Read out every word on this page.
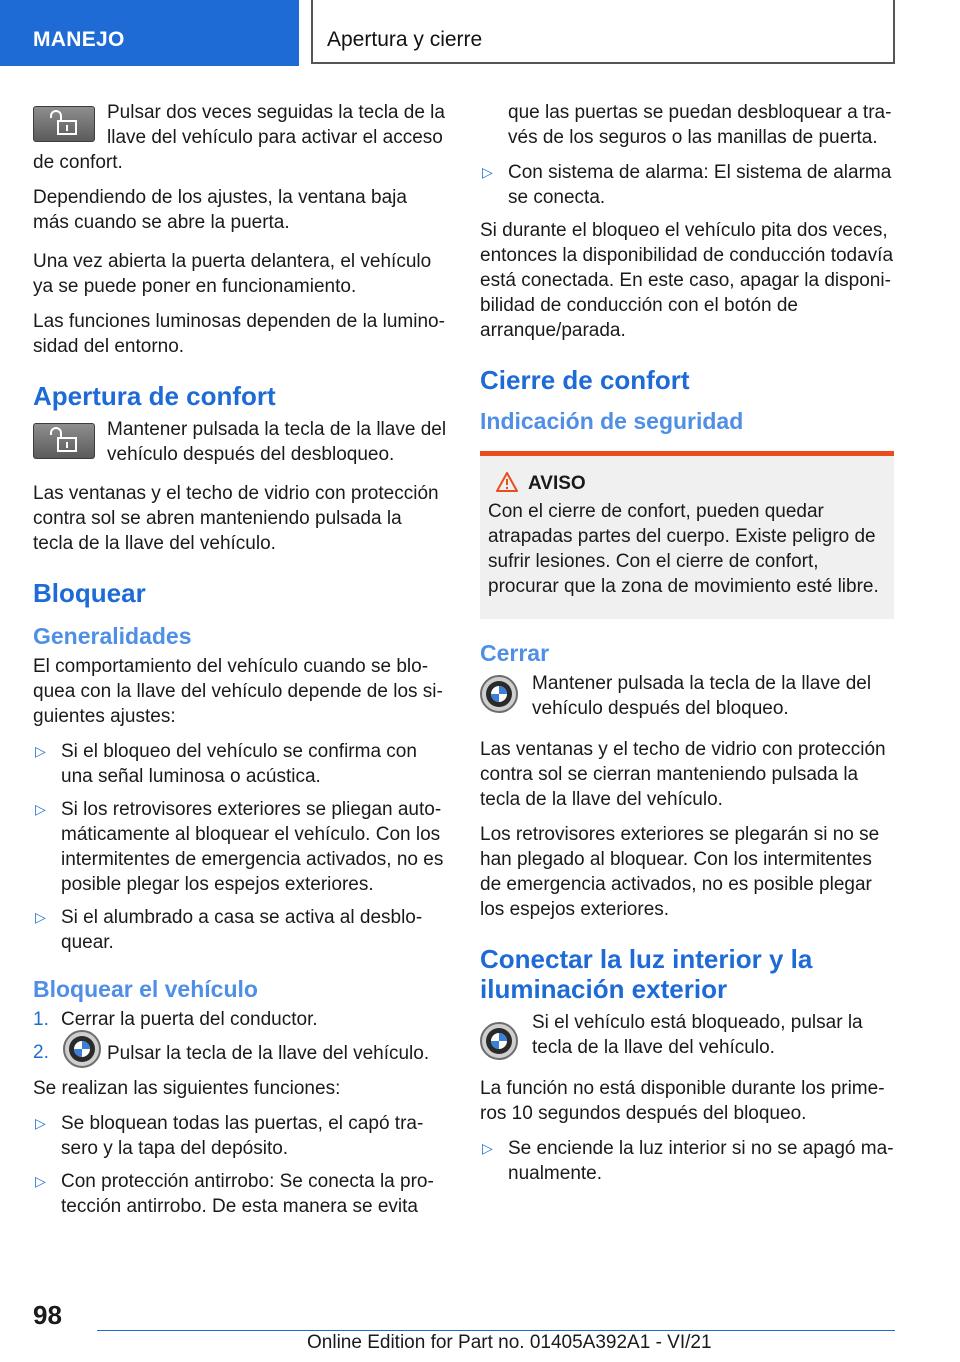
MANEJO	Apertura y cierre

Pulsar dos veces seguidas la tecla de la llave del vehículo para activar el acceso de confort.

Dependiendo de los ajustes, la ventana baja más cuando se abre la puerta.

Una vez abierta la puerta delantera, el vehículo ya se puede poner en funcionamiento.

Las funciones luminosas dependen de la luminosidad del entorno.

Apertura de confort

Mantener pulsada la tecla de la llave del vehículo después del desbloqueo.

Las ventanas y el techo de vidrio con protección contra sol se abren manteniendo pulsada la tecla de la llave del vehículo.

Bloquear
Generalidades

El comportamiento del vehículo cuando se bloquea con la llave del vehículo depende de los siguientes ajustes:

▷ Si el bloqueo del vehículo se confirma con una señal luminosa o acústica.
▷ Si los retrovisores exteriores se pliegan automáticamente al bloquear el vehículo. Con los intermitentes de emergencia activados, no es posible plegar los espejos exteriores.
▷ Si el alumbrado a casa se activa al desbloquear.
Bloquear el vehículo
1. Cerrar la puerta del conductor.
2.	Pulsar la tecla de la llave del vehículo.

Se realizan las siguientes funciones:

▷ Se bloquean todas las puertas, el capó trasero y la tapa del depósito.
▷ Con protección antirrobo: Se conecta la protección antirrobo. De esta manera se evita

que las puertas se puedan desbloquear a través de los seguros o las manillas de puerta.

▷ Con sistema de alarma: El sistema de alarma se conecta.

Si durante el bloqueo el vehículo pita dos veces, entonces la disponibilidad de conducción todavía está conectada. En este caso, apagar la disponibilidad de conducción con el botón de arranque/parada.

Cierre de confort
Indicación de seguridad
AVISO

Con el cierre de confort, pueden quedar atrapadas partes del cuerpo. Existe peligro de sufrir lesiones. Con el cierre de confort, procurar que la zona de movimiento esté libre.

Cerrar

Mantener pulsada la tecla de la llave del vehículo después del bloqueo.

Las ventanas y el techo de vidrio con protección contra sol se cierran manteniendo pulsada la tecla de la llave del vehículo.

Los retrovisores exteriores se plegarán si no se han plegado al bloquear. Con los intermitentes de emergencia activados, no es posible plegar los espejos exteriores.

Conectar la luz interior y la iluminación exterior

Si el vehículo está bloqueado, pulsar la tecla de la llave del vehículo.

La función no está disponible durante los primeros 10 segundos después del bloqueo.

▷ Se enciende la luz interior si no se apagó manualmente.
98
Online Edition for Part no. 01405A392A1 - VI/21
